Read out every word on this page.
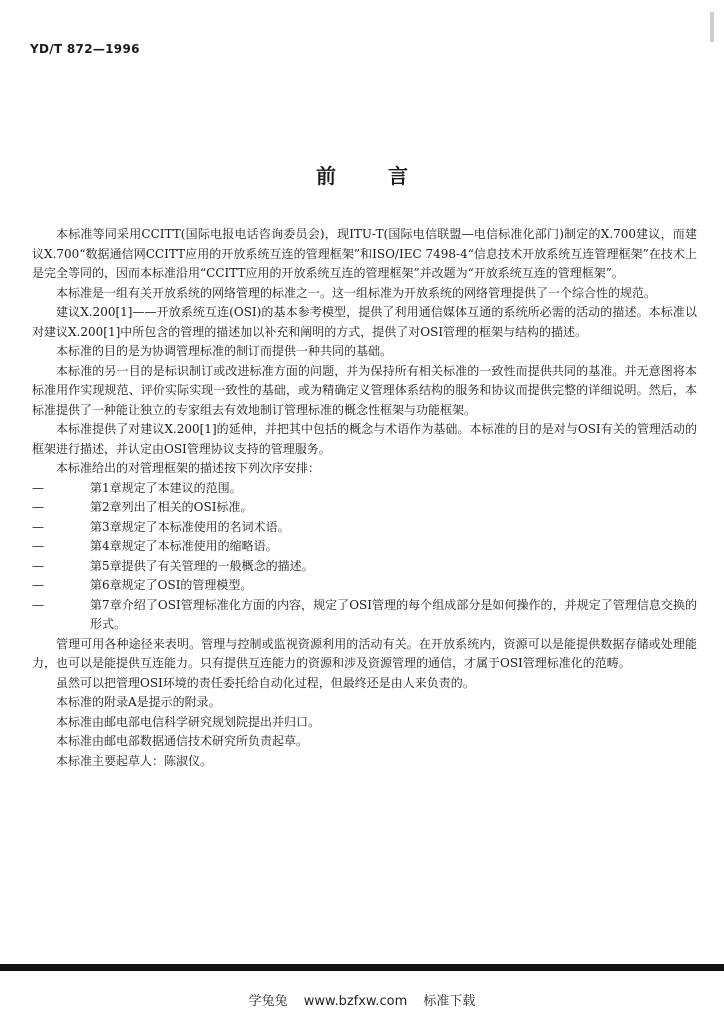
YD/T 872—1996
前言

本标准等同采用CCITT(国际电报电话咨询委员会)，现ITU-T(国际电信联盟—电信标准化部门)制定的X.700建议，而建议X.700“数据通信网CCITT应用的开放系统互连的管理框架”和ISO/IEC 7498-4“信息技术开放系统互连管理框架”在技术上是完全等同的，因而本标准沿用“CCITT应用的开放系统互连的管理框架”并改题为“开放系统互连的管理框架”。

本标准是一组有关开放系统的网络管理的标准之一。这一组标准为开放系统的网络管理提供了一个综合性的规范。

建议X.200[1]——开放系统互连(OSI)的基本参考模型，提供了利用通信媒体互通的系统所必需的活动的描述。本标准以对建议X.200[1]中所包含的管理的描述加以补充和阐明的方式，提供了对OSI管理的框架与结构的描述。

本标准的目的是为协调管理标准的制订而提供一种共同的基础。

本标准的另一目的是标识制订或改进标准方面的问题，并为保持所有相关标准的一致性而提供共同的基准。并无意图将本标准用作实现规范、评价实际实现一致性的基础，或为精确定义管理体系结构的服务和协议而提供完整的详细说明。然后，本标准提供了一种能让独立的专家组去有效地制订管理标准的概念性框架与功能框架。

本标准提供了对建议X.200[1]的延伸，并把其中包括的概念与术语作为基础。本标准的目的是对与OSI有关的管理活动的框架进行描述，并认定由OSI管理协议支持的管理服务。

本标准给出的对管理框架的描述按下列次序安排：

—	第1章规定了本建议的范围。

—	第2章列出了相关的OSI标准。

—	第3章规定了本标准使用的名词术语。

—	第4章规定了本标准使用的缩略语。

—	第5章提供了有关管理的一般概念的描述。

—	第6章规定了OSI的管理模型。

—	第7章介绍了OSI管理标准化方面的内容，规定了OSI管理的每个组成部分是如何操作的，并规定了管理信息交换的形式。

管理可用各种途径来表明。管理与控制或监视资源利用的活动有关。在开放系统内，资源可以是能提供数据存储或处理能力，也可以是能提供互连能力。只有提供互连能力的资源和涉及资源管理的通信，才属于OSI管理标准化的范畴。

虽然可以把管理OSI环境的责任委托给自动化过程，但最终还是由人来负责的。

本标准的附录A是提示的附录。

本标准由邮电部电信科学研究规划院提出并归口。

本标准由邮电部数据通信技术研究所负责起草。

本标准主要起草人：陈淑仪。

学兔兔 www.bzfxw.com 标准下载
